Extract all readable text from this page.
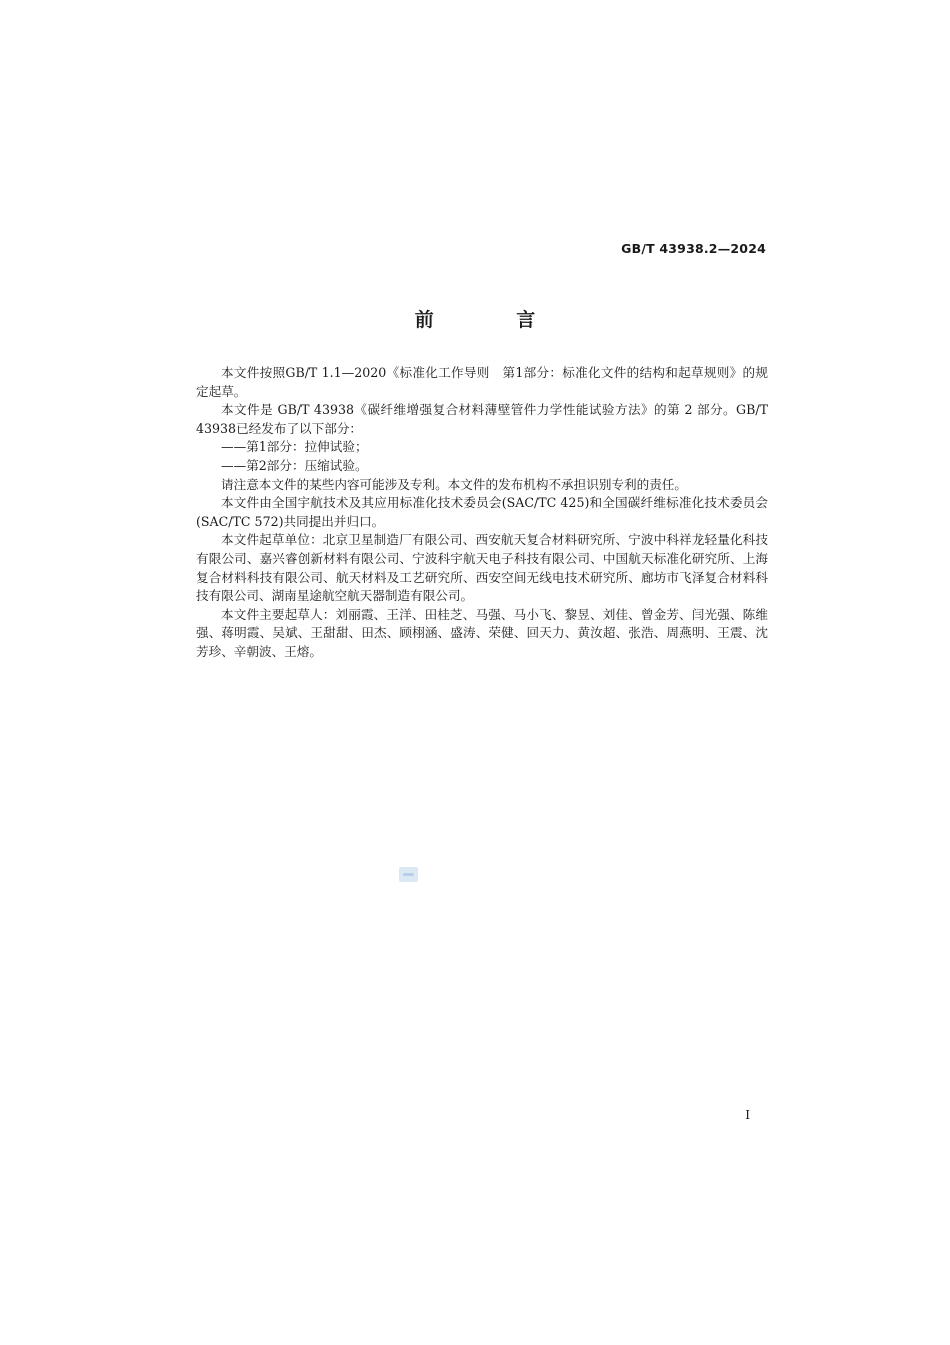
GB/T 43938.2—2024
前 言

本文件按照GB/T 1.1—2020《标准化工作导则　第1部分：标准化文件的结构和起草规则》的规定起草。

本文件是 GB/T 43938《碳纤维增强复合材料薄壁管件力学性能试验方法》的第 2 部分。GB/T 43938已经发布了以下部分：

——第1部分：拉伸试验；

——第2部分：压缩试验。

请注意本文件的某些内容可能涉及专利。本文件的发布机构不承担识别专利的责任。

本文件由全国宇航技术及其应用标准化技术委员会(SAC/TC 425)和全国碳纤维标准化技术委员会(SAC/TC 572)共同提出并归口。

本文件起草单位：北京卫星制造厂有限公司、西安航天复合材料研究所、宁波中科祥龙轻量化科技有限公司、嘉兴睿创新材料有限公司、宁波科宇航天电子科技有限公司、中国航天标准化研究所、上海复合材料科技有限公司、航天材料及工艺研究所、西安空间无线电技术研究所、廊坊市飞泽复合材料科技有限公司、湖南星途航空航天器制造有限公司。

本文件主要起草人：刘丽霞、王洋、田桂芝、马强、马小飞、黎昱、刘佳、曾金芳、闫光强、陈维强、蒋明霞、吴斌、王甜甜、田杰、顾栩涵、盛涛、荣健、回天力、黄汝超、张浩、周燕明、王震、沈芳珍、辛朝波、王熔。

I
